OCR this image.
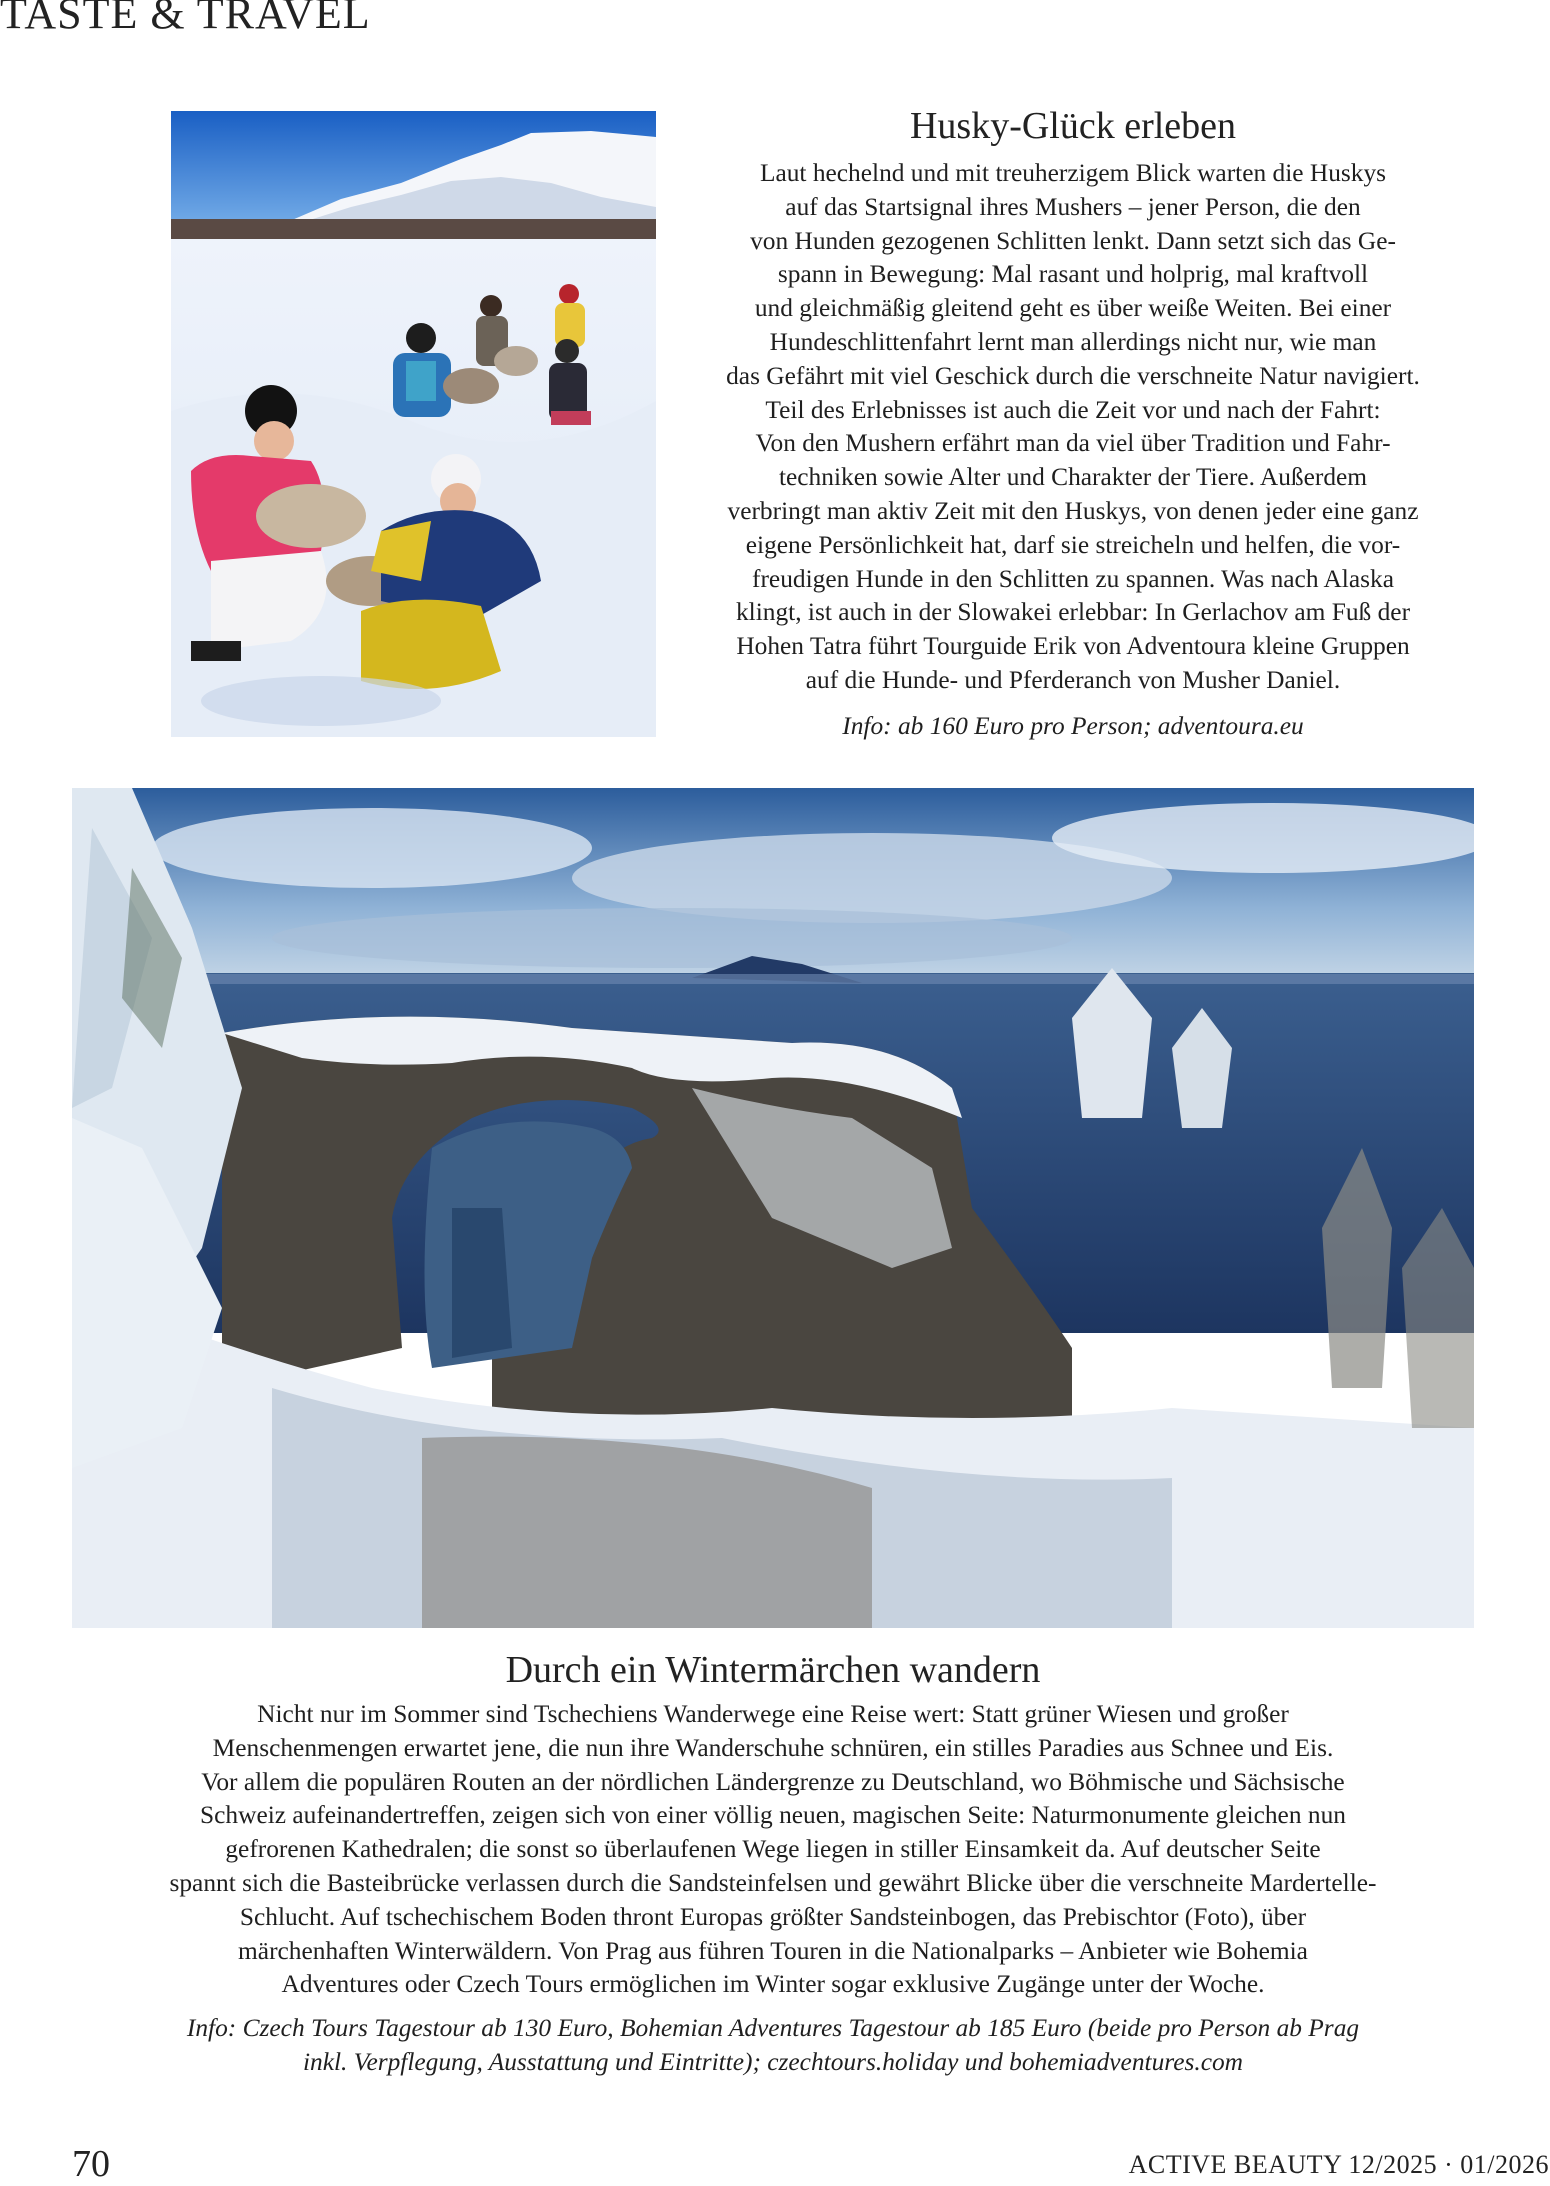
TASTE & TRAVEL
Husky-Glück erleben
Laut hechelnd und mit treuherzigem Blick warten die Huskys
auf das Startsignal ihres Mushers – jener Person, die den
von Hunden gezogenen Schlitten lenkt. Dann setzt sich das Ge-
spann in Bewegung: Mal rasant und holprig, mal kraftvoll
und gleichmäßig gleitend geht es über weiße Weiten. Bei einer
Hundeschlittenfahrt lernt man allerdings nicht nur, wie man
das Gefährt mit viel Geschick durch die verschneite Natur navigiert.
Teil des Erlebnisses ist auch die Zeit vor und nach der Fahrt:
Von den Mushern erfährt man da viel über Tradition und Fahr-
techniken sowie Alter und Charakter der Tiere. Außerdem
verbringt man aktiv Zeit mit den Huskys, von denen jeder eine ganz
eigene Persönlichkeit hat, darf sie streicheln und helfen, die vor-
freudigen Hunde in den Schlitten zu spannen. Was nach Alaska
klingt, ist auch in der Slowakei erlebbar: In Gerlachov am Fuß der
Hohen Tatra führt Tourguide Erik von Adventoura kleine Gruppen
auf die Hunde- und Pferderanch von Musher Daniel.
Info: ab 160 Euro pro Person; adventoura.eu
Durch ein Wintermärchen wandern
Nicht nur im Sommer sind Tschechiens Wanderwege eine Reise wert: Statt grüner Wiesen und großer
Menschenmengen erwartet jene, die nun ihre Wanderschuhe schnüren, ein stilles Paradies aus Schnee und Eis.
Vor allem die populären Routen an der nördlichen Ländergrenze zu Deutschland, wo Böhmische und Sächsische
Schweiz aufeinandertreffen, zeigen sich von einer völlig neuen, magischen Seite: Naturmonumente gleichen nun
gefrorenen Kathedralen; die sonst so überlaufenen Wege liegen in stiller Einsamkeit da. Auf deutscher Seite
spannt sich die Basteibrücke verlassen durch die Sandsteinfelsen und gewährt Blicke über die verschneite Mardertelle-
Schlucht. Auf tschechischem Boden thront Europas größter Sandsteinbogen, das Prebischtor (Foto), über
märchenhaften Winterwäldern. Von Prag aus führen Touren in die Nationalparks – Anbieter wie Bohemia
Adventures oder Czech Tours ermöglichen im Winter sogar exklusive Zugänge unter der Woche.
Info: Czech Tours Tagestour ab 130 Euro, Bohemian Adventures Tagestour ab 185 Euro (beide pro Person ab Prag
inkl. Verpflegung, Ausstattung und Eintritte); czechtours.holiday und bohemiadventures.com
70	ACTIVE BEAUTY 12/2025 · 01/2026
